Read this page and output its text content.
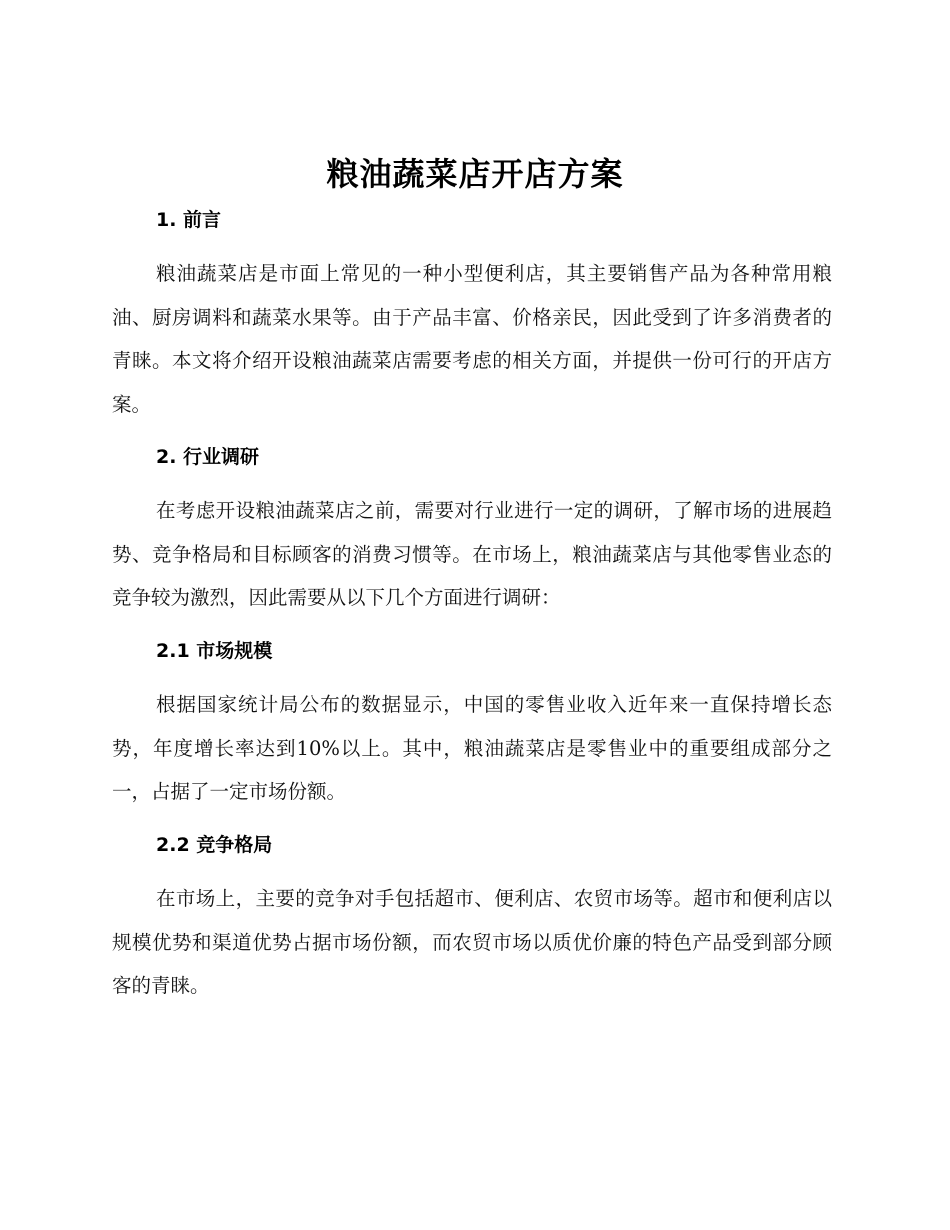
粮油蔬菜店开店方案
1. 前言

粮油蔬菜店是市面上常见的一种小型便利店，其主要销售产品为各种常用粮油、厨房调料和蔬菜水果等。由于产品丰富、价格亲民，因此受到了许多消费者的青睐。本文将介绍开设粮油蔬菜店需要考虑的相关方面，并提供一份可行的开店方案。

2. 行业调研

在考虑开设粮油蔬菜店之前，需要对行业进行一定的调研，了解市场的进展趋势、竞争格局和目标顾客的消费习惯等。在市场上，粮油蔬菜店与其他零售业态的竞争较为激烈，因此需要从以下几个方面进行调研：

2.1 市场规模

根据国家统计局公布的数据显示，中国的零售业收入近年来一直保持增长态势，年度增长率达到10%以上。其中，粮油蔬菜店是零售业中的重要组成部分之一，占据了一定市场份额。

2.2 竞争格局

在市场上，主要的竞争对手包括超市、便利店、农贸市场等。超市和便利店以规模优势和渠道优势占据市场份额，而农贸市场以质优价廉的特色产品受到部分顾客的青睐。
